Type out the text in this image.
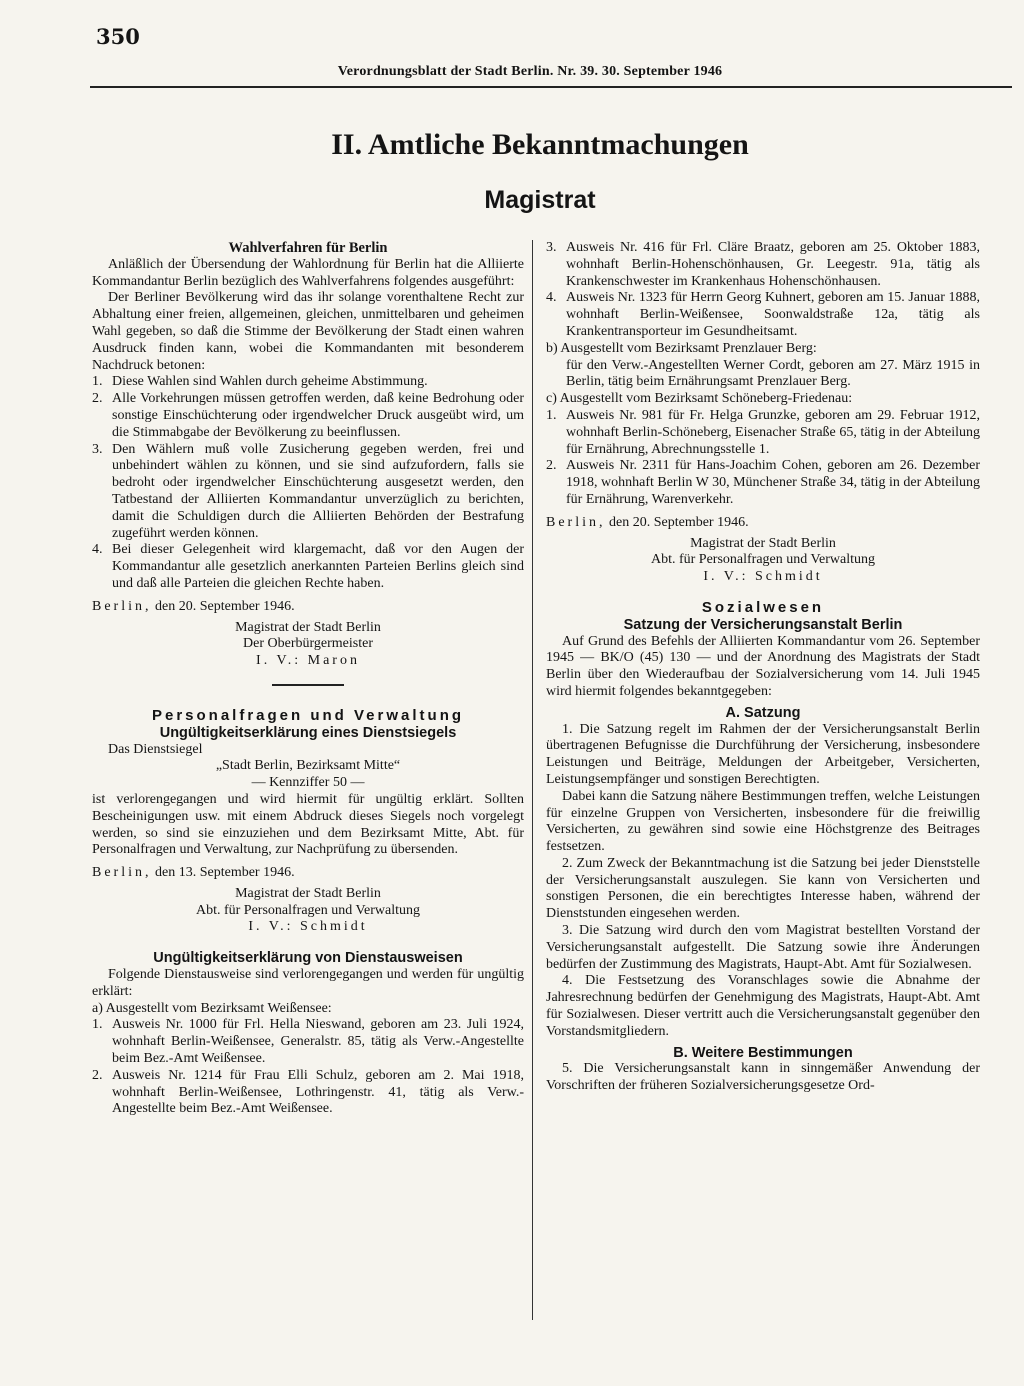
350
Verordnungsblatt der Stadt Berlin. Nr. 39. 30. September 1946
II. Amtliche Bekanntmachungen
Magistrat

Wahlverfahren für Berlin

Anläßlich der Übersendung der Wahlordnung für Berlin hat die Alliierte Kommandantur Berlin bezüglich des Wahlverfahrens folgendes ausgeführt:

Der Berliner Bevölkerung wird das ihr solange vorenthaltene Recht zur Abhaltung einer freien, allgemeinen, gleichen, unmittelbaren und geheimen Wahl gegeben, so daß die Stimme der Bevölkerung der Stadt einen wahren Ausdruck finden kann, wobei die Kommandanten mit besonderem Nachdruck betonen:

1. Diese Wahlen sind Wahlen durch geheime Abstimmung.
2. Alle Vorkehrungen müssen getroffen werden, daß keine Bedrohung oder sonstige Einschüchterung oder irgendwelcher Druck ausgeübt wird, um die Stimmabgabe der Bevölkerung zu beeinflussen.
3. Den Wählern muß volle Zusicherung gegeben werden, frei und unbehindert wählen zu können, und sie sind aufzufordern, falls sie bedroht oder irgendwelcher Einschüchterung ausgesetzt werden, den Tatbestand der Alliierten Kommandantur unverzüglich zu berichten, damit die Schuldigen durch die Alliierten Behörden der Bestrafung zugeführt werden können.
4. Bei dieser Gelegenheit wird klargemacht, daß vor den Augen der Kommandantur alle gesetzlich anerkannten Parteien Berlins gleich sind und daß alle Parteien die gleichen Rechte haben.

Berlin, den 20. September 1946.

Magistrat der Stadt Berlin

Der Oberbürgermeister

I. V.: Maron

Personalfragen und Verwaltung

Ungültigkeitserklärung eines Dienstsiegels

Das Dienstsiegel

„Stadt Berlin, Bezirksamt Mitte“

— Kennziffer 50 —

ist verlorengegangen und wird hiermit für ungültig erklärt. Sollten Bescheinigungen usw. mit einem Abdruck dieses Siegels noch vorgelegt werden, so sind sie einzuziehen und dem Bezirksamt Mitte, Abt. für Personalfragen und Verwaltung, zur Nachprüfung zu übersenden.

Berlin, den 13. September 1946.

Magistrat der Stadt Berlin

Abt. für Personalfragen und Verwaltung

I. V.: Schmidt

Ungültigkeitserklärung von Dienstausweisen

Folgende Dienstausweise sind verlorengegangen und werden für ungültig erklärt:

a) Ausgestellt vom Bezirksamt Weißensee:

1. Ausweis Nr. 1000 für Frl. Hella Nieswand, geboren am 23. Juli 1924, wohnhaft Berlin-Weißensee, Generalstr. 85, tätig als Verw.-Angestellte beim Bez.-Amt Weißensee.
2. Ausweis Nr. 1214 für Frau Elli Schulz, geboren am 2. Mai 1918, wohnhaft Berlin-Weißensee, Lothringenstr. 41, tätig als Verw.-Angestellte beim Bez.-Amt Weißensee.
3. Ausweis Nr. 416 für Frl. Cläre Braatz, geboren am 25. Oktober 1883, wohnhaft Berlin-Hohenschönhausen, Gr. Leegestr. 91a, tätig als Krankenschwester im Krankenhaus Hohenschönhausen.
4. Ausweis Nr. 1323 für Herrn Georg Kuhnert, geboren am 15. Januar 1888, wohnhaft Berlin-Weißensee, Soonwaldstraße 12a, tätig als Krankentransporteur im Gesundheitsamt.

b) Ausgestellt vom Bezirksamt Prenzlauer Berg:

für den Verw.-Angestellten Werner Cordt, geboren am 27. März 1915 in Berlin, tätig beim Ernährungsamt Prenzlauer Berg.

c) Ausgestellt vom Bezirksamt Schöneberg-Friedenau:

1. Ausweis Nr. 981 für Fr. Helga Grunzke, geboren am 29. Februar 1912, wohnhaft Berlin-Schöneberg, Eisenacher Straße 65, tätig in der Abteilung für Ernährung, Abrechnungsstelle 1.
2. Ausweis Nr. 2311 für Hans-Joachim Cohen, geboren am 26. Dezember 1918, wohnhaft Berlin W 30, Münchener Straße 34, tätig in der Abteilung für Ernährung, Warenverkehr.

Berlin, den 20. September 1946.

Magistrat der Stadt Berlin

Abt. für Personalfragen und Verwaltung

I. V.: Schmidt

Sozialwesen

Satzung der Versicherungsanstalt Berlin

Auf Grund des Befehls der Alliierten Kommandantur vom 26. September 1945 — BK/O (45) 130 — und der Anordnung des Magistrats der Stadt Berlin über den Wiederaufbau der Sozialversicherung vom 14. Juli 1945 wird hiermit folgendes bekanntgegeben:

A. Satzung

1. Die Satzung regelt im Rahmen der der Versicherungsanstalt Berlin übertragenen Befugnisse die Durchführung der Versicherung, insbesondere Leistungen und Beiträge, Meldungen der Arbeitgeber, Versicherten, Leistungsempfänger und sonstigen Berechtigten.

Dabei kann die Satzung nähere Bestimmungen treffen, welche Leistungen für einzelne Gruppen von Versicherten, insbesondere für die freiwillig Versicherten, zu gewähren sind sowie eine Höchstgrenze des Beitrages festsetzen.

2. Zum Zweck der Bekanntmachung ist die Satzung bei jeder Dienststelle der Versicherungsanstalt auszulegen. Sie kann von Versicherten und sonstigen Personen, die ein berechtigtes Interesse haben, während der Dienststunden eingesehen werden.

3. Die Satzung wird durch den vom Magistrat bestellten Vorstand der Versicherungsanstalt aufgestellt. Die Satzung sowie ihre Änderungen bedürfen der Zustimmung des Magistrats, Haupt-Abt. Amt für Sozialwesen.

4. Die Festsetzung des Voranschlages sowie die Abnahme der Jahresrechnung bedürfen der Genehmigung des Magistrats, Haupt-Abt. Amt für Sozialwesen. Dieser vertritt auch die Versicherungsanstalt gegenüber den Vorstandsmitgliedern.

B. Weitere Bestimmungen

5. Die Versicherungsanstalt kann in sinngemäßer Anwendung der Vorschriften der früheren Sozialversicherungsgesetze Ord-
